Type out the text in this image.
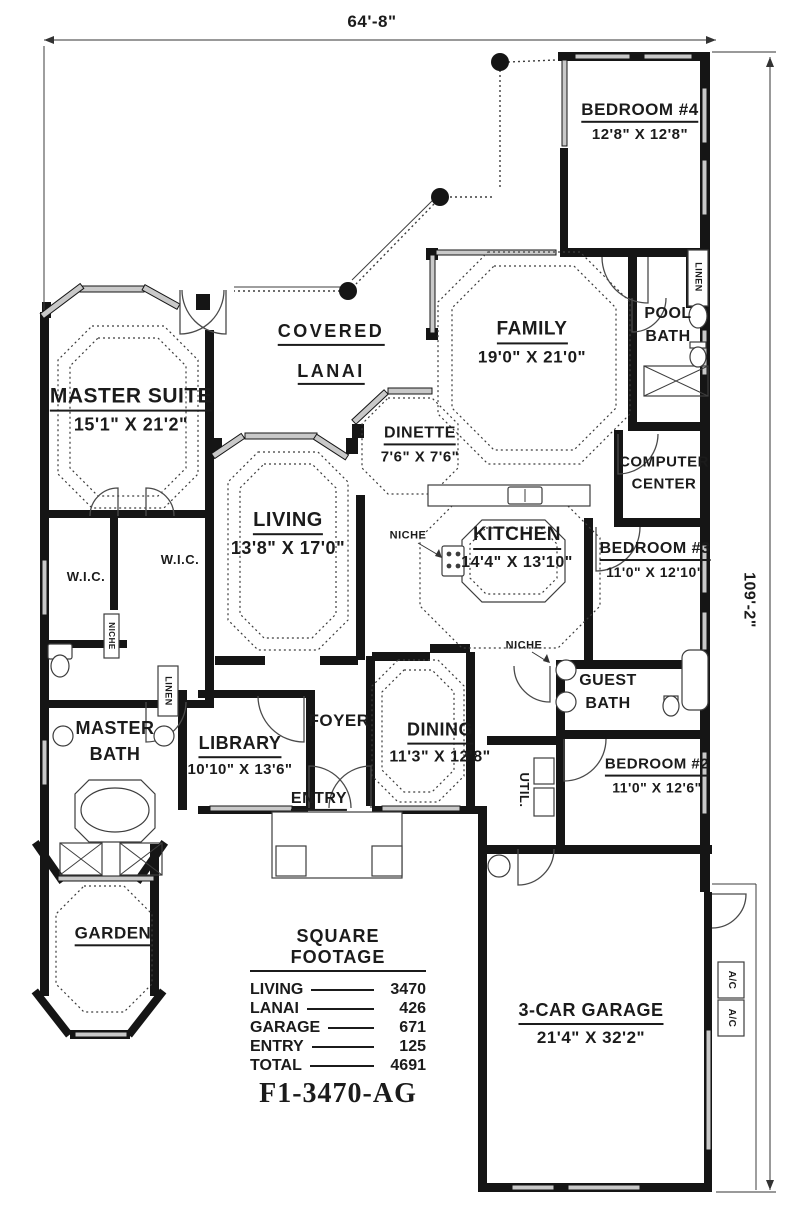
64'-8"
109'-2"
BEDROOM #4
12'8" X 12'8"
COVERED
LANAI
FAMILY
19'0" X 21'0"
MASTER SUITE
15'1" X 21'2"	DINETTE
7'6" X 7'6"
POOL BATH
COMPUTER CENTER
LIVING
13'8" X 17'0"
KITCHEN
14'4" X 13'10"
BEDROOM #3
11'0" X 12'10"
W.I.C.
W.I.C.
MASTER BATH
LIBRARY
10'10" X 13'6"
FOYER DINING
11'3" X 12'8"
GUEST BATH
BEDROOM #2
11'0" X 12'6"
UTIL.
ENTRY
GARDEN
3-CAR GARAGE
21'4" X 32'2"
LINEN
LINEN
NICHE
NICHE
NICHE
A/C
A/C
SQUARE FOOTAGE
LIVING	3470
LANAI	426
GARAGE	671
ENTRY	125
TOTAL	4691
F1-3470-AG
